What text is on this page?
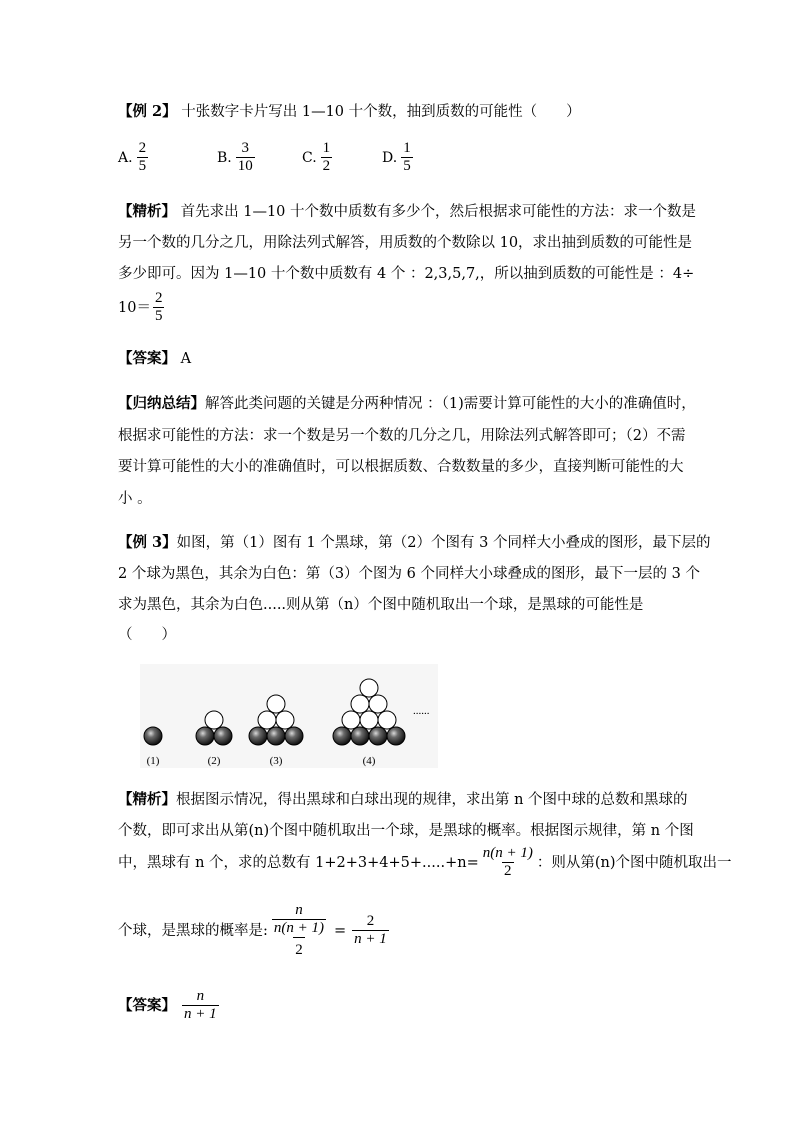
【例 2】 十张数字卡片写出 1—10 十个数，抽到质数的可能性（　　）
A. $\frac{2}{5}$	B. $\frac{3}{10}$	C. $\frac{1}{2}$	D. $\frac{1}{5}$
【精析】 首先求出 1—10 十个数中质数有多少个，然后根据求可能性的方法：求一个数是
另一个数的几分之几，用除法列式解答，用质数的个数除以 10，求出抽到质数的可能性是
多少即可。因为 1—10 十个数中质数有 4 个 ：2,3,5,7,，所以抽到质数的可能性是 ：4÷
$10= \frac{2}{5}$
【答案】 A
【归纳总结】解答此类问题的关键是分两种情况 ：（1)需要计算可能性的大小的准确值时，
根据求可能性的方法：求一个数是另一个数的几分之几，用除法列式解答即可；（2）不需
要计算可能性的大小的准确值时，可以根据质数、合数数量的多少，直接判断可能性的大
小 。
【例 3】如图，第（1）图有 1 个黑球，第（2）个图有 3 个同样大小叠成的图形，最下层的
2 个球为黑色，其余为白色：第（3）个图为 6 个同样大小球叠成的图形，最下一层的 3 个
求为黑色，其余为白色.....则从第（n）个图中随机取出一个球，是黑球的可能性是
（　　）
(1)	(2)	(3)	(4)
......
【精析】根据图示情况，得出黑球和白球出现的规律，求出第 n 个图中球的总数和黑球的
个数，即可求出从第(n)个图中随机取出一个球，是黑球的概率。根据图示规律，第 n 个图
中，黑球有 n 个，求的总数有 $1+2+3+4+5+.....+n= \frac{n(n + 1)}{2}$ ：则从第(n)个图中随机取出一
个球，是黑球的概率是: $\frac{\frac{n}{n(n + 1)}}{2} = \frac{2}{n + 1}$
【答案】 $\frac{n}{n + 1}$
